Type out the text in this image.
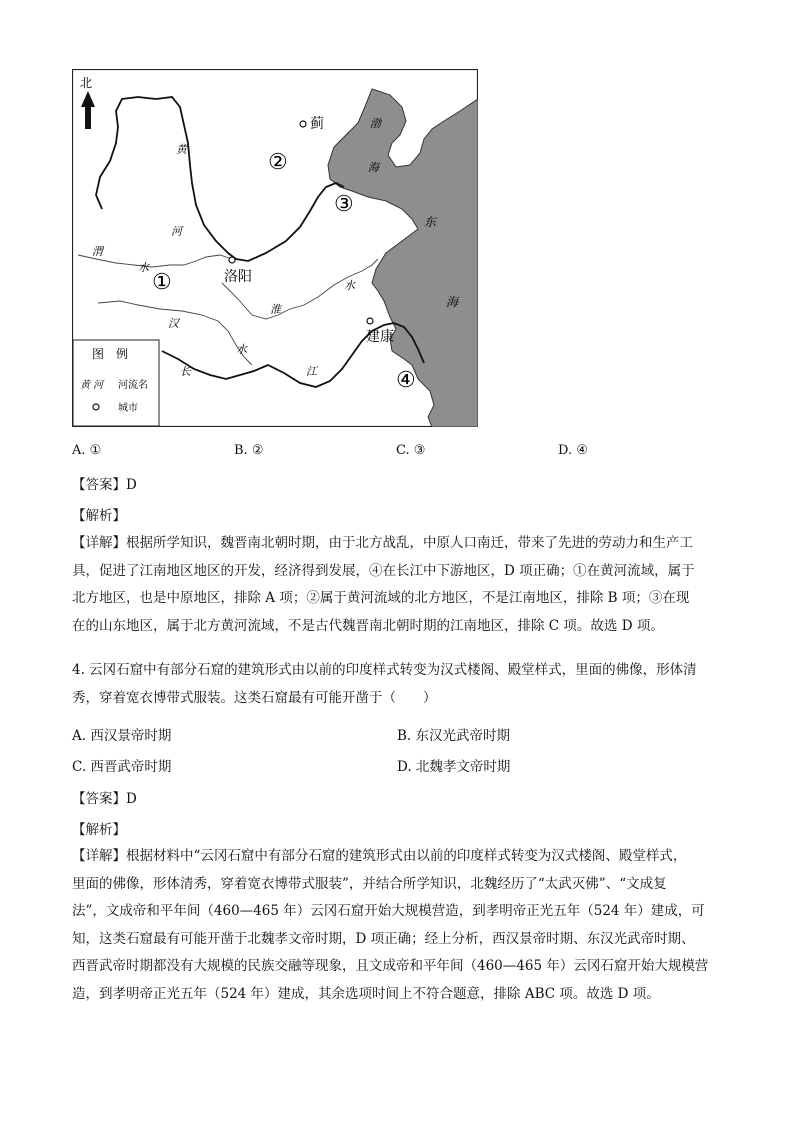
北
蓟	渤
海
东
海
黄
河
渭
水
洛阳
淮
水
汉
水
建康
长	江
②
③
①
④
图　例
黄 河 河流名
城市
A. ①	B. ②	C. ③	D. ④
【答案】D
【解析】

【详解】根据所学知识，魏晋南北朝时期，由于北方战乱，中原人口南迁，带来了先进的劳动力和生产工

具，促进了江南地区地区的开发，经济得到发展，④在长江中下游地区，D 项正确；①在黄河流域，属于

北方地区，也是中原地区，排除 A 项；②属于黄河流域的北方地区，不是江南地区，排除 B 项；③在现

在的山东地区，属于北方黄河流域，不是古代魏晋南北朝时期的江南地区，排除 C 项。故选 D 项。

4. 云冈石窟中有部分石窟的建筑形式由以前的印度样式转变为汉式楼阁、殿堂样式，里面的佛像，形体清

秀，穿着宽衣博带式服装。这类石窟最有可能开凿于（　　）

A. 西汉景帝时期	B. 东汉光武帝时期
C. 西晋武帝时期	D. 北魏孝文帝时期
【答案】D
【解析】

【详解】根据材料中“云冈石窟中有部分石窟的建筑形式由以前的印度样式转变为汉式楼阁、殿堂样式，

里面的佛像，形体清秀，穿着宽衣博带式服装”，并结合所学知识，北魏经历了“太武灭佛”、“文成复

法”，文成帝和平年间（460—465 年）云冈石窟开始大规模营造，到孝明帝正光五年（524 年）建成，可

知，这类石窟最有可能开凿于北魏孝文帝时期，D 项正确；经上分析，西汉景帝时期、东汉光武帝时期、

西晋武帝时期都没有大规模的民族交融等现象，且文成帝和平年间（460—465 年）云冈石窟开始大规模营

造，到孝明帝正光五年（524 年）建成，其余选项时间上不符合题意，排除 ABC 项。故选 D 项。
